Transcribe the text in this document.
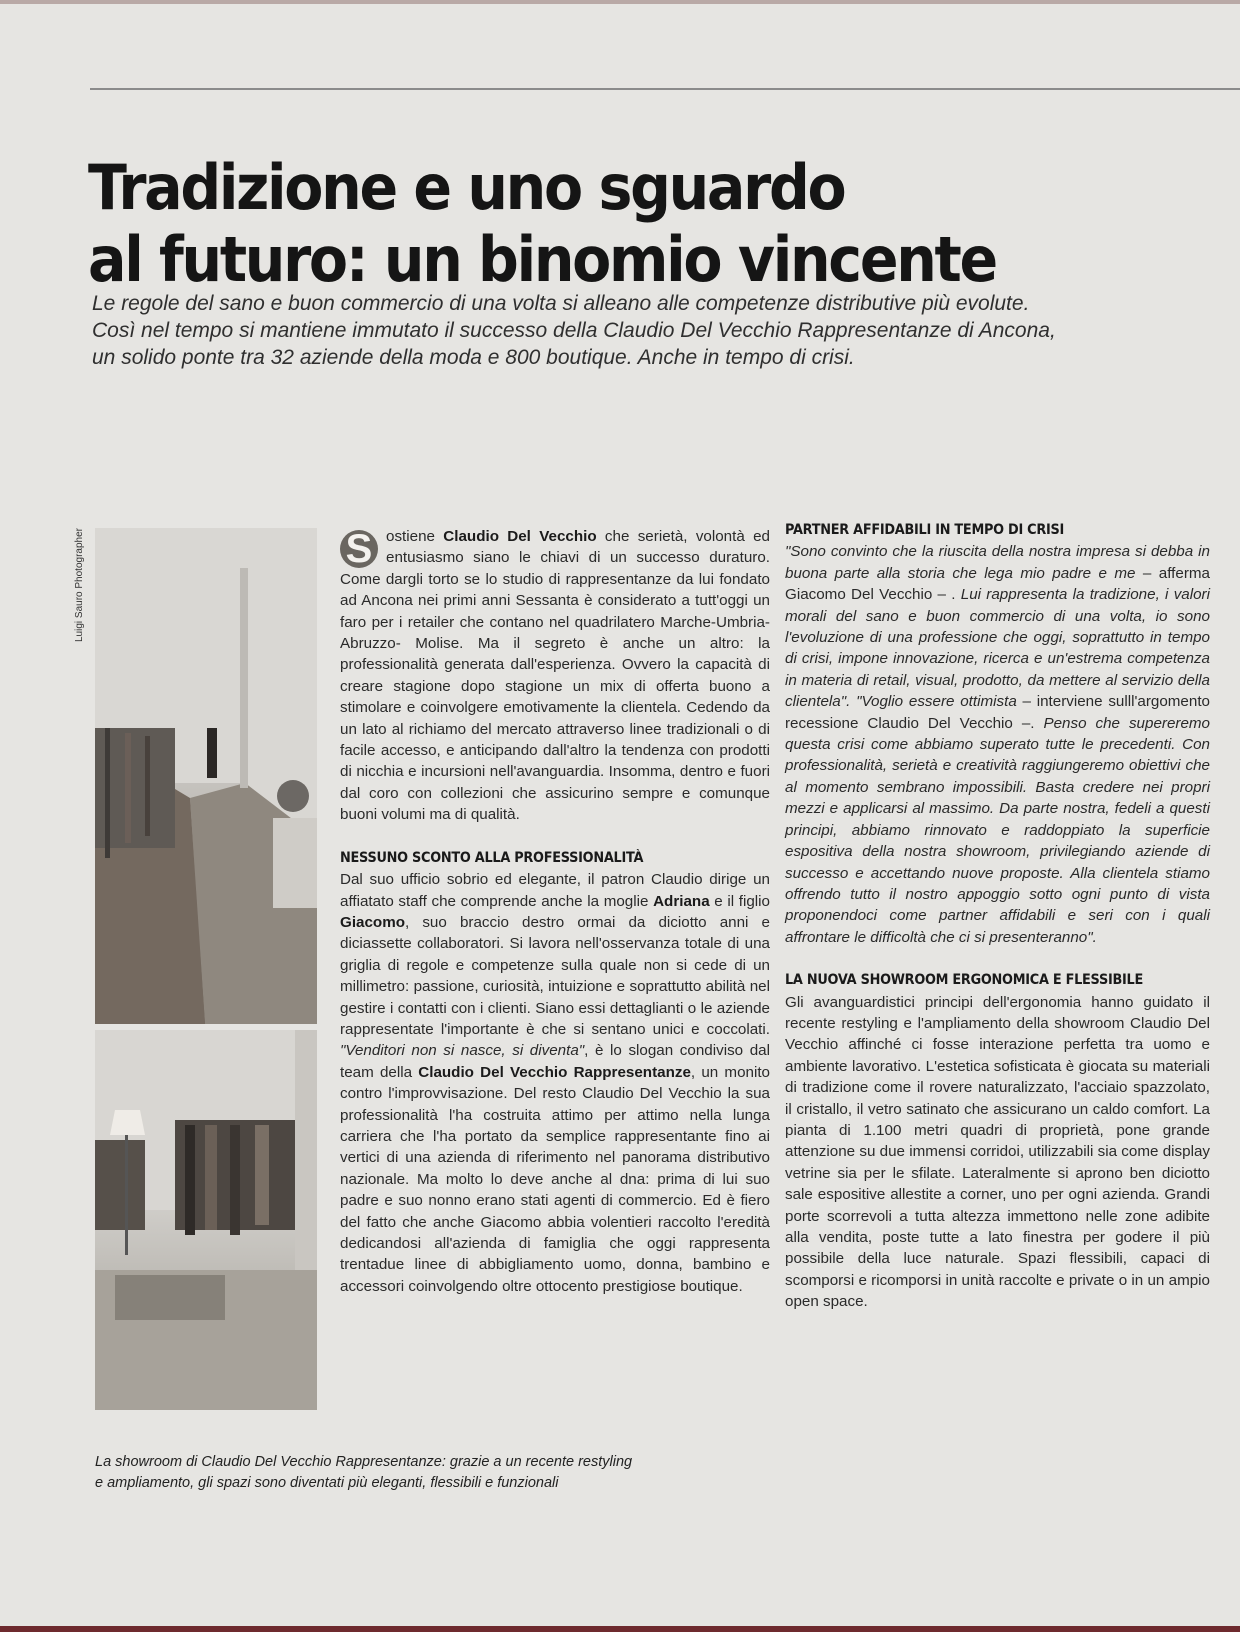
Tradizione e uno sguardo
al futuro: un binomio vincente

Le regole del sano e buon commercio di una volta si alleano alle competenze distributive più evolute.
Così nel tempo si mantiene immutato il successo della Claudio Del Vecchio Rappresentanze di Ancona,
un solido ponte tra 32 aziende della moda e 800 boutique. Anche in tempo di crisi.

Luigi Sauro Photographer	S ostiene Claudio Del Vecchio che serietà, volontà ed entusiasmo siano le chiavi di un successo duraturo. Come dargli torto se lo studio di rappresentanze da lui fondato ad Ancona nei primi anni Sessanta è considerato a tutt'oggi un faro per i retailer che contano nel quadrilatero Marche-Umbria-Abruzzo- Molise. Ma il segreto è anche un altro: la professionalità generata dall'esperienza. Ovvero la capacità di creare stagione dopo stagione un mix di offerta buono a stimolare e coinvolgere emotivamente la clientela. Cedendo da un lato al richiamo del mercato attraverso linee tradizionali o di facile accesso, e anticipando dall'altro la tendenza con prodotti di nicchia e incursioni nell'avanguardia. Insomma, dentro e fuori dal coro con collezioni che assicurino sempre e comunque buoni volumi ma di qualità.

NESSUNO SCONTO ALLA PROFESSIONALITÀ

Dal suo ufficio sobrio ed elegante, il patron Claudio dirige un affiatato staff che comprende anche la moglie Adriana e il figlio Giacomo, suo braccio destro ormai da diciotto anni e diciassette collaboratori. Si lavora nell'osservanza totale di una griglia di regole e competenze sulla quale non si cede di un millimetro: passione, curiosità, intuizione e soprattutto abilità nel gestire i contatti con i clienti. Siano essi dettaglianti o le aziende rappresentate l'importante è che si sentano unici e coccolati. "Venditori non si nasce, si diventa", è lo slogan condiviso dal team della Claudio Del Vecchio Rappresentanze, un monito contro l'improvvisazione. Del resto Claudio Del Vecchio la sua professionalità l'ha costruita attimo per attimo nella lunga carriera che l'ha portato da semplice rappresentante fino ai vertici di una azienda di riferimento nel panorama distributivo nazionale. Ma molto lo deve anche al dna: prima di lui suo padre e suo nonno erano stati agenti di commercio. Ed è fiero del fatto che anche Giacomo abbia volentieri raccolto l'eredità dedicandosi all'azienda di famiglia che oggi rappresenta trentadue linee di abbigliamento uomo, donna, bambino e accessori coinvolgendo oltre ottocento prestigiose boutique.

PARTNER AFFIDABILI IN TEMPO DI CRISI

"Sono convinto che la riuscita della nostra impresa si debba in buona parte alla storia che lega mio padre e me – afferma Giacomo Del Vecchio – . Lui rappresenta la tradizione, i valori morali del sano e buon commercio di una volta, io sono l'evoluzione di una professione che oggi, soprattutto in tempo di crisi, impone innovazione, ricerca e un'estrema competenza in materia di retail, visual, prodotto, da mettere al servizio della clientela". "Voglio essere ottimista – interviene sulll'argomento recessione Claudio Del Vecchio –. Penso che supereremo questa crisi come abbiamo superato tutte le precedenti. Con professionalità, serietà e creatività raggiungeremo obiettivi che al momento sembrano impossibili. Basta credere nei propri mezzi e applicarsi al massimo. Da parte nostra, fedeli a questi principi, abbiamo rinnovato e raddoppiato la superficie espositiva della nostra showroom, privilegiando aziende di successo e accettando nuove proposte. Alla clientela stiamo offrendo tutto il nostro appoggio sotto ogni punto di vista proponendoci come partner affidabili e seri con i quali affrontare le difficoltà che ci si presenteranno".

LA NUOVA SHOWROOM ERGONOMICA E FLESSIBILE

Gli avanguardistici principi dell'ergonomia hanno guidato il recente restyling e l'ampliamento della showroom Claudio Del Vecchio affinché ci fosse interazione perfetta tra uomo e ambiente lavorativo. L'estetica sofisticata è giocata su materiali di tradizione come il rovere naturalizzato, l'acciaio spazzolato, il cristallo, il vetro satinato che assicurano un caldo comfort. La pianta di 1.100 metri quadri di proprietà, pone grande attenzione su due immensi corridoi, utilizzabili sia come display vetrine sia per le sfilate. Lateralmente si aprono ben diciotto sale espositive allestite a corner, uno per ogni azienda. Grandi porte scorrevoli a tutta altezza immettono nelle zone adibite alla vendita, poste tutte a lato finestra per godere il più possibile della luce naturale. Spazi flessibili, capaci di scomporsi e ricomporsi in unità raccolte e private o in un ampio open space.

La showroom di Claudio Del Vecchio Rappresentanze: grazie a un recente restyling
e ampliamento, gli spazi sono diventati più eleganti, flessibili e funzionali
